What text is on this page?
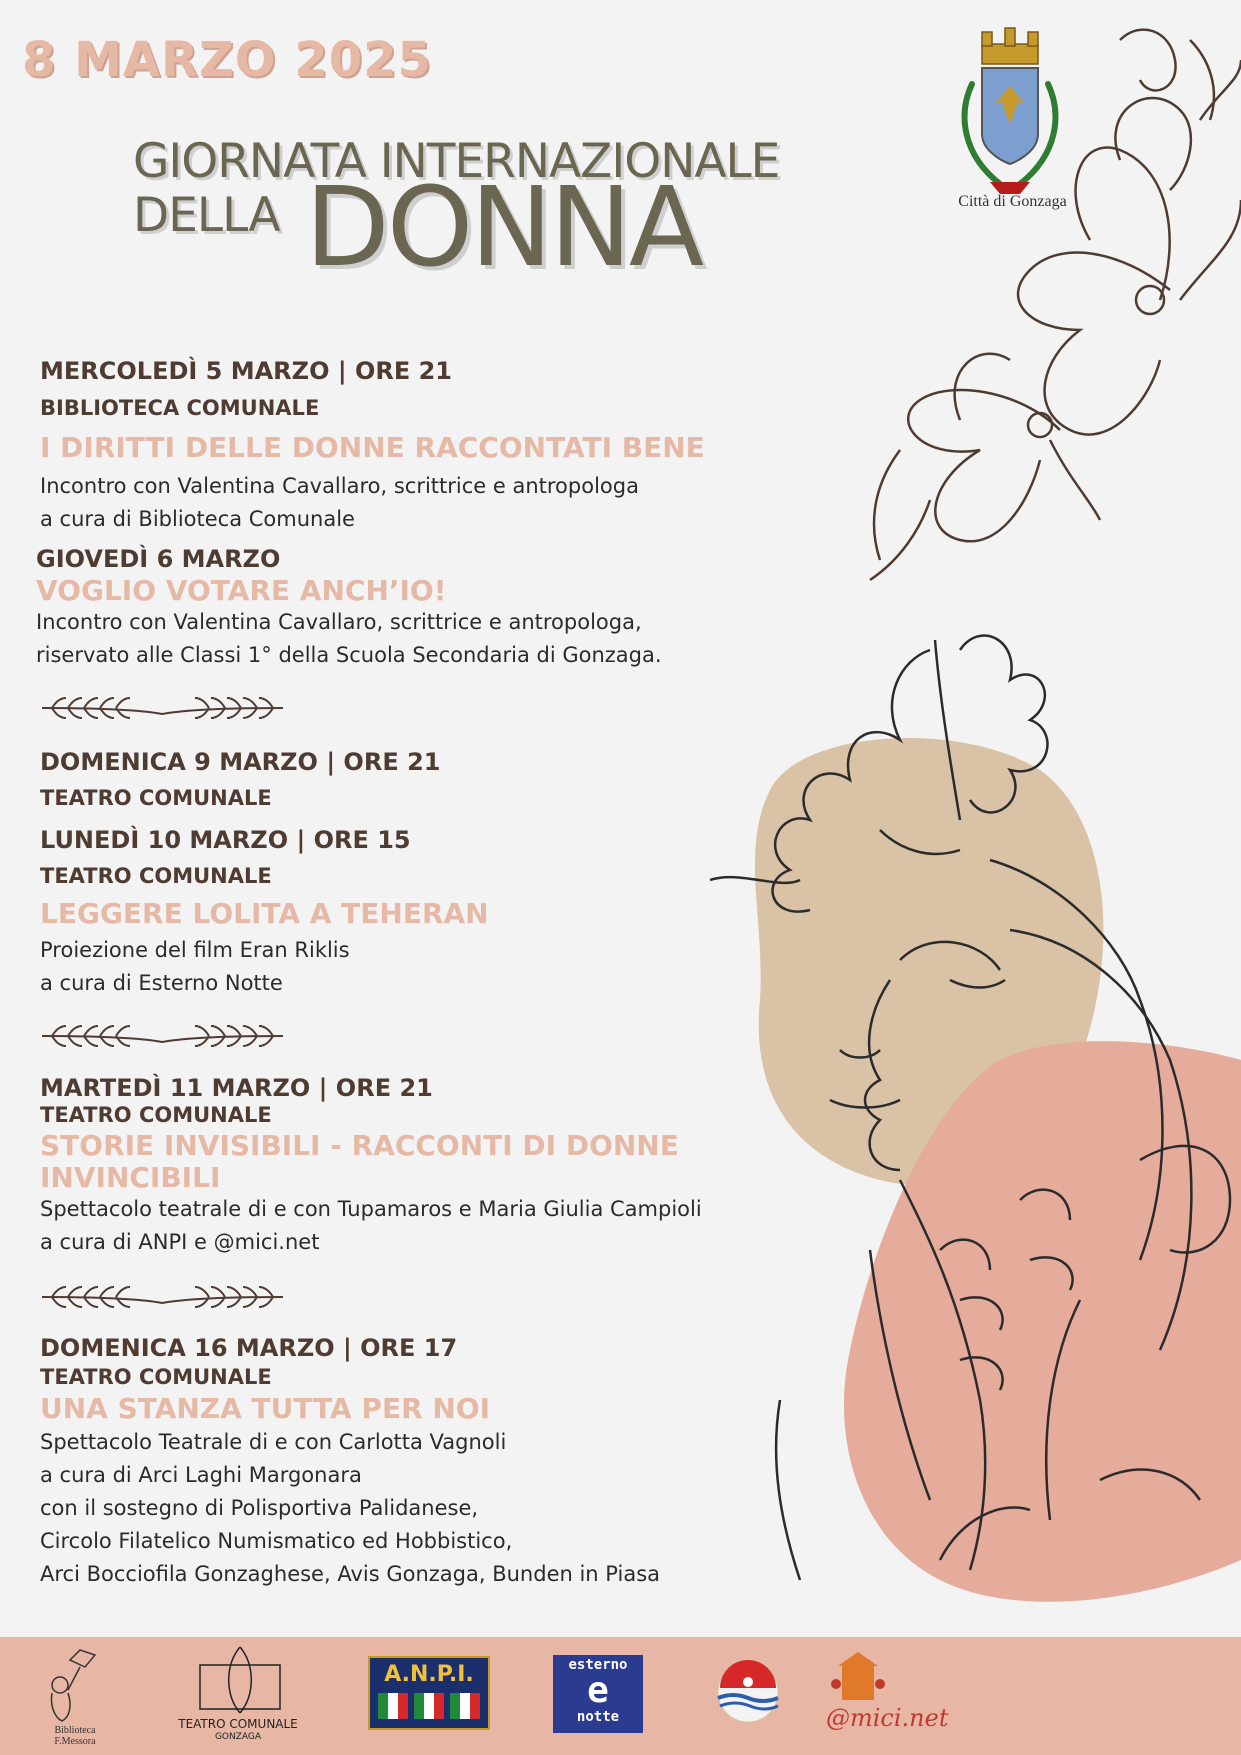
8 MARZO 2025
GIORNATA INTERNAZIONALE
DELLA DONNA	Città di Gonzaga
MERCOLEDÌ 5 MARZO | ORE 21
BIBLIOTECA COMUNALE
I DIRITTI DELLE DONNE RACCONTATI BENE
Incontro con Valentina Cavallaro, scrittrice e antropologa
a cura di Biblioteca Comunale
GIOVEDÌ 6 MARZO
VOGLIO VOTARE ANCH’IO!
Incontro con Valentina Cavallaro, scrittrice e antropologa,
riservato alle Classi 1° della Scuola Secondaria di Gonzaga.
DOMENICA 9 MARZO | ORE 21
TEATRO COMUNALE
LUNEDÌ 10 MARZO | ORE 15
TEATRO COMUNALE
LEGGERE LOLITA A TEHERAN
Proiezione del film Eran Riklis
a cura di Esterno Notte
MARTEDÌ 11 MARZO | ORE 21
TEATRO COMUNALE
STORIE INVISIBILI - RACCONTI DI DONNE
INVINCIBILI
Spettacolo teatrale di e con Tupamaros e Maria Giulia Campioli
a cura di ANPI e @mici.net
DOMENICA 16 MARZO | ORE 17
TEATRO COMUNALE
UNA STANZA TUTTA PER NOI
Spettacolo Teatrale di e con Carlotta Vagnoli
a cura di Arci Laghi Margonara
con il sostegno di Polisportiva Palidanese,
Circolo Filatelico Numismatico ed Hobbistico,
Arci Bocciofila Gonzaghese, Avis Gonzaga, Bunden in Piasa
Biblioteca F.Messora
TEATRO COMUNALE
GONZAGA
A.N.P.I.	esterno
e
notte	@mici.net
